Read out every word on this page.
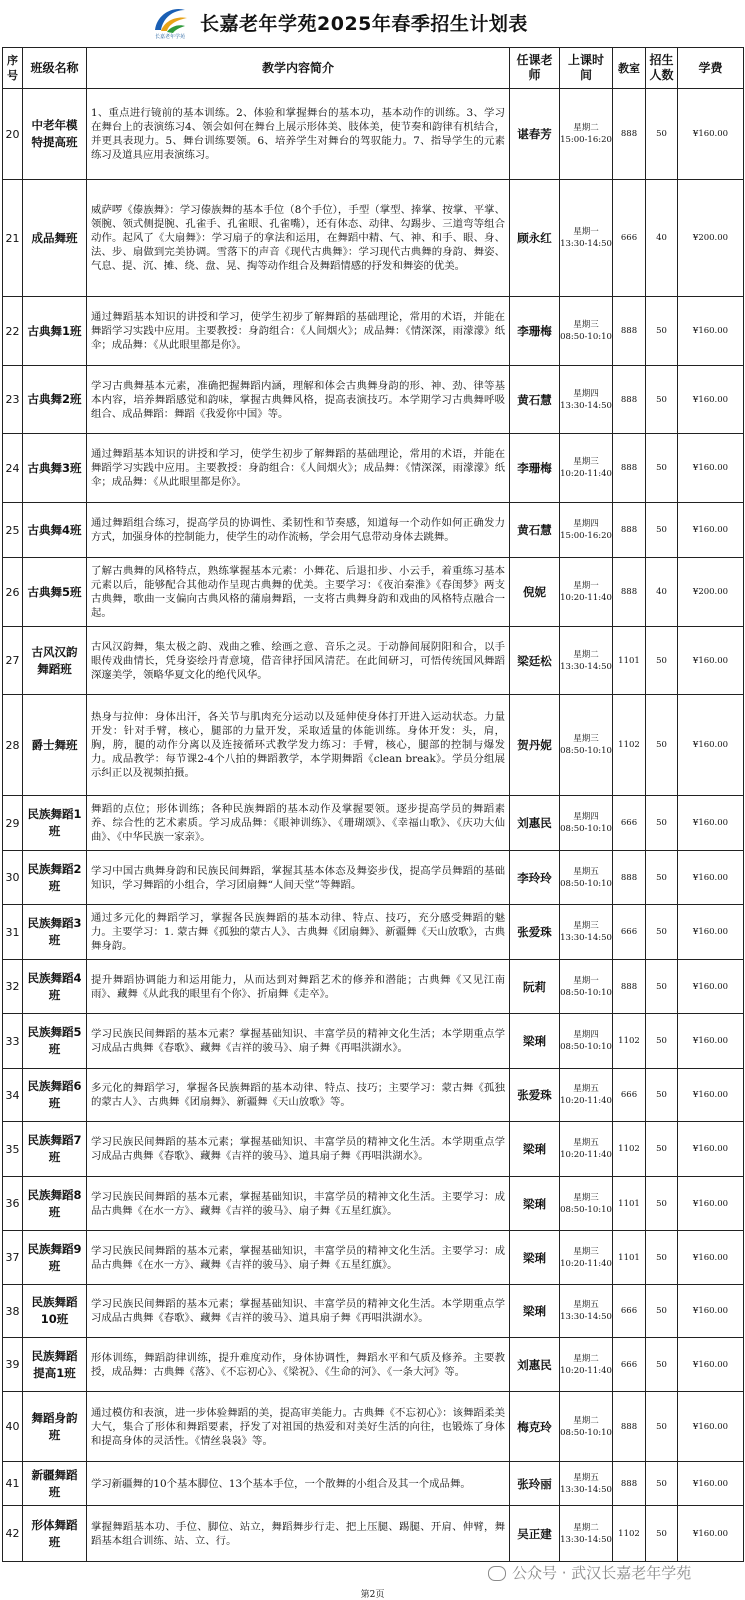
长嘉老年学苑
长嘉老年学苑2025年春季招生计划表
序号	班级名称	教学内容简介	任课老师	上课时间	教室	招生人数	学费
20	中老年模特提高班	1、重点进行镜前的基本训练。2、体验和掌握舞台的基本功，基本动作的训练。3、学习在舞台上的表演练习4、领会如何在舞台上展示形体美、肢体美，使节奏和韵律有机结合，并更具表现力。5、舞台训练要领。6、培养学生对舞台的驾驭能力。7、指导学生的元素练习及道具应用表演练习。	谌春芳	星期二
15:00-16:20	888	50	¥160.00
21	成品舞班	威萨啰《傣族舞》：学习傣族舞的基本手位（8个手位），手型（掌型、捧掌、按掌、平掌、领腕、领式侧提腕、孔雀手、孔雀眼、孔雀嘴），还有体态、动律、勾踢步、三道弯等组合动作。起风了《大扇舞》：学习扇子的拿法和运用，在舞蹈中精、气、神、和手、眼、身、法、步、扇做到完美协调。雪落下的声音《现代古典舞》：学习现代古典舞的身韵、舞姿、气息、提、沉、摊、绕、盘、晃、掏等动作组合及舞蹈情感的抒发和舞姿的优美。	顾永红	星期一
13:30-14:50	666	40	¥200.00
22	古典舞1班	通过舞蹈基本知识的讲授和学习，使学生初步了解舞蹈的基础理论，常用的术语，并能在舞蹈学习实践中应用。主要教授：身韵组合：《人间烟火》；成品舞：《情深深，雨濛濛》纸伞；成品舞：《从此眼里都是你》。	李珊梅	星期三
08:50-10:10	888	50	¥160.00
23	古典舞2班	学习古典舞基本元素，准确把握舞蹈内涵，理解和体会古典舞身韵的形、神、劲、律等基本内容，培养舞蹈感觉和韵味，掌握古典舞风格，提高表演技巧。本学期学习古典舞呼吸组合、成品舞蹈：舞蹈《我爱你中国》等。	黄石慧	星期四
13:30-14:50	888	50	¥160.00
24	古典舞3班	通过舞蹈基本知识的讲授和学习，使学生初步了解舞蹈的基础理论，常用的术语，并能在舞蹈学习实践中应用。主要教授：身韵组合：《人间烟火》；成品舞：《情深深，雨濛濛》纸伞；成品舞：《从此眼里都是你》。	李珊梅	星期三
10:20-11:40	888	50	¥160.00
25	古典舞4班	通过舞蹈组合练习，提高学员的协调性、柔韧性和节奏感，知道每一个动作如何正确发力方式，加强身体的控制能力，使学生的动作流畅，学会用气息带动身体去跳舞。	黄石慧	星期四
15:00-16:20	888	50	¥160.00
26	古典舞5班	了解古典舞的风格特点，熟练掌握基本元素：小舞花、后退扣步、小云手，着重练习基本元素以后，能够配合其他动作呈现古典舞的优美。主要学习：《夜泊秦淮》《春闺梦》两支古典舞，歌曲一支偏向古典风格的蒲扇舞蹈，一支将古典舞身韵和戏曲的风格特点融合一起。	倪妮	星期一
10:20-11:40	888	40	¥200.00
27	古风汉韵舞蹈班	古风汉韵舞，集太极之韵、戏曲之雅、绘画之意、音乐之灵。于动静间展阴阳和合，以手眼传戏曲情长，凭身姿绘丹青意境，借音律抒国风清茫。在此间研习，可悟传统国风舞蹈深邃美学，领略华夏文化的绝代风华。	梁廷松	星期二
13:30-14:50	1101	50	¥160.00
28	爵士舞班	热身与拉伸：身体出汗，各关节与肌肉充分运动以及延伸使身体打开进入运动状态。力量开发：针对手臂，核心，腿部的力量开发，采取适量的体能训练。身体开发：头，肩，胸，胯，腿的动作分离以及连接循环式教学发力练习：手臂，核心，腿部的控制与爆发力。成品教学：每节课2-4个八拍的舞蹈教学，本学期舞蹈《clean break》。学员分组展示纠正以及视频拍摄。	贺丹妮	星期三
08:50-10:10	1102	50	¥160.00
29	民族舞蹈1班	舞蹈的点位；形体训练；各种民族舞蹈的基本动作及掌握要领。逐步提高学员的舞蹈素养、综合性的艺术素质。学习成品舞：《眼神训练》、《珊瑚颂》、《幸福山歌》、《庆功大仙曲》、《中华民族一家亲》。	刘惠民	星期四
08:50-10:10	666	50	¥160.00
30	民族舞蹈2班	学习中国古典舞身韵和民族民间舞蹈，掌握其基本体态及舞姿步伐，提高学员舞蹈的基础知识，学习舞蹈的小组合，学习团扇舞“人间天堂”等舞蹈。	李玲玲	星期五
08:50-10:10	888	50	¥160.00
31	民族舞蹈3班	通过多元化的舞蹈学习，掌握各民族舞蹈的基本动律、特点、技巧，充分感受舞蹈的魅力。主要学习：1. 蒙古舞《孤独的蒙古人》、古典舞《团扇舞》、新疆舞《天山放歌》，古典舞身韵。	张爱珠	星期三
13:30-14:50	666	50	¥160.00
32	民族舞蹈4班	提升舞蹈协调能力和运用能力，从而达到对舞蹈艺术的修养和潜能；古典舞《又见江南雨》、藏舞《从此我的眼里有个你》、折扇舞《走卒》。	阮莉	星期一
08:50-10:10	888	50	¥160.00
33	民族舞蹈5班	学习民族民间舞蹈的基本元素？掌握基础知识、丰富学员的精神文化生活；本学期重点学习成品古典舞《春歌》、藏舞《吉祥的骏马》、扇子舞《再唱洪湖水》。	梁琍	星期四
08:50-10:10	1102	50	¥160.00
34	民族舞蹈6班	多元化的舞蹈学习，掌握各民族舞蹈的基本动律、特点、技巧；主要学习：蒙古舞《孤独的蒙古人》、古典舞《团扇舞》、新疆舞《天山放歌》等。	张爱珠	星期五
10:20-11:40	666	50	¥160.00
35	民族舞蹈7班	学习民族民间舞蹈的基本元素；掌握基础知识、丰富学员的精神文化生活。本学期重点学习成品古典舞《春歌》、藏舞《吉祥的骏马》、道具扇子舞《再唱洪湖水》。	梁琍	星期五
10:20-11:40	1102	50	¥160.00
36	民族舞蹈8班	学习民族民间舞蹈的基本元素，掌握基础知识，丰富学员的精神文化生活。主要学习：成品古典舞《在水一方》、藏舞《吉祥的骏马》、扇子舞《五星红旗》。	梁琍	星期三
08:50-10:10	1101	50	¥160.00
37	民族舞蹈9班	学习民族民间舞蹈的基本元素，掌握基础知识，丰富学员的精神文化生活。主要学习：成品古典舞《在水一方》、藏舞《吉祥的骏马》、扇子舞《五星红旗》。	梁琍	星期三
10:20-11:40	1101	50	¥160.00
38	民族舞蹈10班	学习民族民间舞蹈的基本元素；掌握基础知识、丰富学员的精神文化生活。本学期重点学习成品古典舞《春歌》、藏舞《吉祥的骏马》、道具扇子舞《再唱洪湖水》。	梁琍	星期五
13:30-14:50	666	50	¥160.00
39	民族舞蹈提高1班	形体训练，舞蹈韵律训练，提升难度动作，身体协调性，舞蹈水平和气质及修养。主要教授，成品舞：古典舞《落》、《不忘初心》、《梁祝》、《生命的河》、《一条大河》等。	刘惠民	星期二
10:20-11:40	666	50	¥160.00
40	舞蹈身韵班	通过模仿和表演，进一步体验舞蹈的美，提高审美能力。古典舞《不忘初心》：该舞蹈柔美大气，集合了形体和舞蹈要素，抒发了对祖国的热爱和对美好生活的向往，也锻炼了身体和提高身体的灵活性。《情丝袅袅》等。	梅克玲	星期二
08:50-10:10	888	50	¥160.00
41	新疆舞蹈班	学习新疆舞的10个基本脚位、13个基本手位，一个散舞的小组合及其一个成品舞。	张玲丽	星期五
13:30-14:50	888	50	¥160.00
42	形体舞蹈班	掌握舞蹈基本功、手位、脚位、站立，舞蹈舞步行走、把上压腿、踢腿、开肩、伸臂，舞蹈基本组合训练、站、立、行。	吴正建	星期二
13:30-14:50	1102	50	¥160.00
公众号 · 武汉长嘉老年学苑
第2页
